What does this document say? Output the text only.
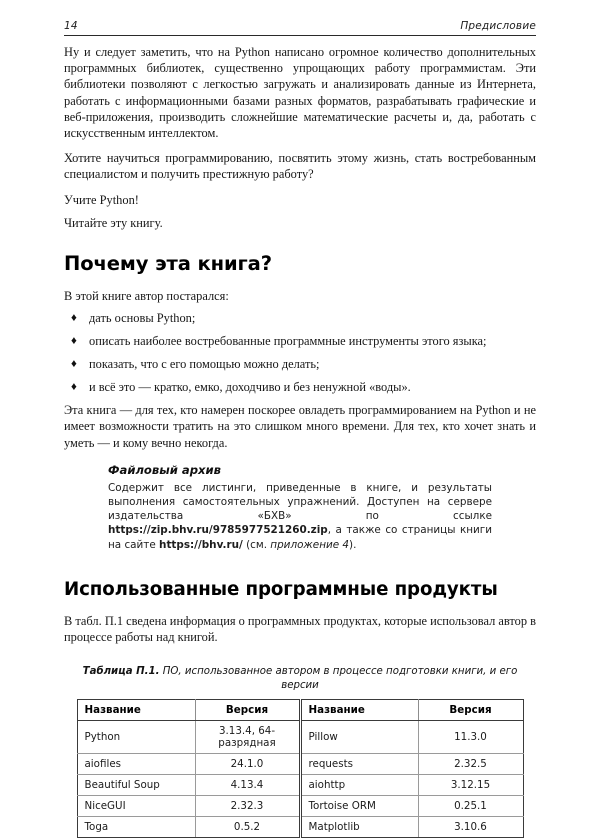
14	Предисловие

Ну и следует заметить, что на Python написано огромное количество дополнительных программных библиотек, существенно упрощающих работу программистам. Эти библиотеки позволяют с легкостью загружать и анализировать данные из Интернета, работать с информационными базами разных форматов, разрабатывать графические и веб-приложения, производить сложнейшие математические расчеты и, да, работать с искусственным интеллектом.

Хотите научиться программированию, посвятить этому жизнь, стать востребованным специалистом и получить престижную работу?

Учите Python!

Читайте эту книгу.

Почему эта книга?

В этой книге автор постарался:

♦ дать основы Python;
♦ описать наиболее востребованные программные инструменты этого языка;
♦ показать, что с его помощью можно делать;
♦ и всё это — кратко, емко, доходчиво и без ненужной «воды».

Эта книга — для тех, кто намерен поскорее овладеть программированием на Python и не имеет возможности тратить на это слишком много времени. Для тех, кто хочет знать и уметь — и кому вечно некогда.

Файловый архив
Содержит все листинги, приведенные в книге, и результаты выполнения самостоятельных упражнений. Доступен на сервере издательства «БХВ» по ссылке https://zip.bhv.ru/9785977521260.zip, а также со страницы книги на сайте https://bhv.ru/ (см. приложение 4).
Использованные программные продукты

В табл. П.1 сведена информация о программных продуктах, которые использовал автор в процессе работы над книгой.

Таблица П.1. ПО, использованное автором в процессе подготовки книги, и его версии
Название	Версия	Название	Версия
Python	3.13.4, 64-разрядная	Pillow	11.3.0
aiofiles	24.1.0	requests	2.32.5
Beautiful Soup	4.13.4	aiohttp	3.12.15
NiceGUI	2.32.3	Tortoise ORM	0.25.1
Toga	0.5.2	Matplotlib	3.10.6
